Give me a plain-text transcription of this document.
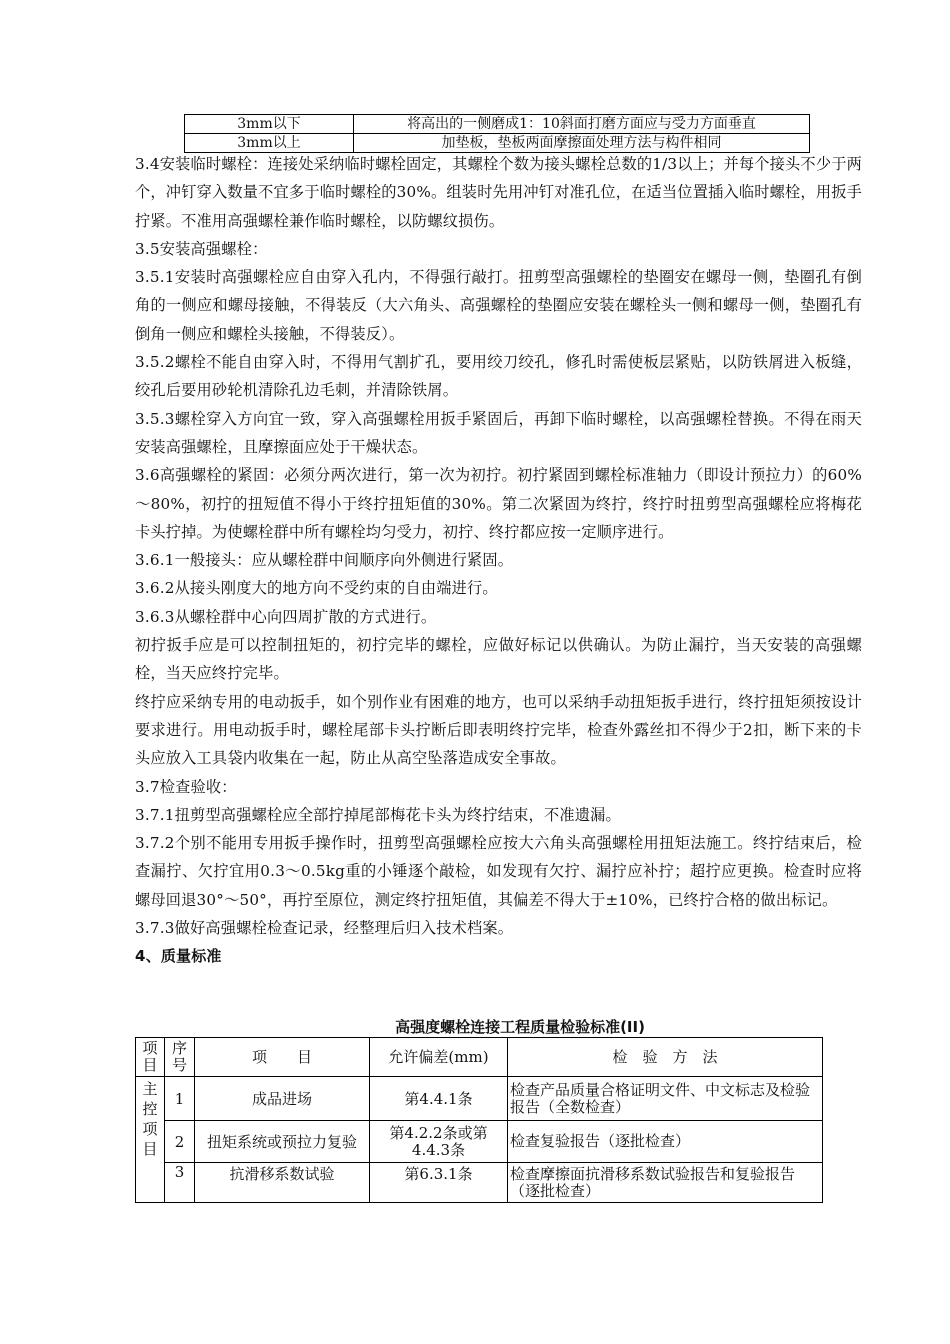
3mm以下	将高出的一侧磨成1：10斜面打磨方面应与受力方面垂直
3mm以上	加垫板，垫板两面摩擦面处理方法与构件相同

3.4安装临时螺栓：连接处采纳临时螺栓固定，其螺栓个数为接头螺栓总数的1/3以上；并每个接头不少于两个，冲钉穿入数量不宜多于临时螺栓的30%。组装时先用冲钉对准孔位，在适当位置插入临时螺栓，用扳手拧紧。不准用高强螺栓兼作临时螺栓，以防螺纹损伤。

3.5安装高强螺栓：

3.5.1安装时高强螺栓应自由穿入孔内，不得强行敲打。扭剪型高强螺栓的垫圈安在螺母一侧，垫圈孔有倒角的一侧应和螺母接触，不得装反（大六角头、高强螺栓的垫圈应安装在螺栓头一侧和螺母一侧，垫圈孔有倒角一侧应和螺栓头接触，不得装反）。

3.5.2螺栓不能自由穿入时，不得用气割扩孔，要用绞刀绞孔，修孔时需使板层紧贴，以防铁屑进入板缝，绞孔后要用砂轮机清除孔边毛刺，并清除铁屑。

3.5.3螺栓穿入方向宜一致，穿入高强螺栓用扳手紧固后，再卸下临时螺栓，以高强螺栓替换。不得在雨天安装高强螺栓，且摩擦面应处于干燥状态。

3.6高强螺栓的紧固：必须分两次进行，第一次为初拧。初拧紧固到螺栓标准轴力（即设计预拉力）的60%～80%，初拧的扭短值不得小于终拧扭矩值的30%。第二次紧固为终拧，终拧时扭剪型高强螺栓应将梅花卡头拧掉。为使螺栓群中所有螺栓均匀受力，初拧、终拧都应按一定顺序进行。

3.6.1一般接头：应从螺栓群中间顺序向外侧进行紧固。

3.6.2从接头刚度大的地方向不受约束的自由端进行。

3.6.3从螺栓群中心向四周扩散的方式进行。

初拧扳手应是可以控制扭矩的，初拧完毕的螺栓，应做好标记以供确认。为防止漏拧，当天安装的高强螺栓，当天应终拧完毕。

终拧应采纳专用的电动扳手，如个别作业有困难的地方，也可以采纳手动扭矩扳手进行，终拧扭矩须按设计要求进行。用电动扳手时，螺栓尾部卡头拧断后即表明终拧完毕，检查外露丝扣不得少于2扣，断下来的卡头应放入工具袋内收集在一起，防止从高空坠落造成安全事故。

3.7检查验收：

3.7.1扭剪型高强螺栓应全部拧掉尾部梅花卡头为终拧结束，不准遗漏。

3.7.2个别不能用专用扳手操作时，扭剪型高强螺栓应按大六角头高强螺栓用扭矩法施工。终拧结束后，检查漏拧、欠拧宜用0.3～0.5kg重的小锤逐个敲检，如发现有欠拧、漏拧应补拧；超拧应更换。检查时应将螺母回退30°～50°，再拧至原位，测定终拧扭矩值，其偏差不得大于±10%，已终拧合格的做出标记。

3.7.3做好高强螺栓检查记录，经整理后归入技术档案。

4、质量标准

高强度螺栓连接工程质量检验标准(II)
项目	序号	项　　目	允许偏差(mm)	检　验　方　法
主控项目	1	成品进场	第4.4.1条	检查产品质量合格证明文件、中文标志及检验报告（全数检查）
	2	扭矩系统或预拉力复验	第4.2.2条或第4.4.3条	检查复验报告（逐批检查）
	3	抗滑移系数试验	第6.3.1条	检查摩擦面抗滑移系数试验报告和复验报告（逐批检查）
